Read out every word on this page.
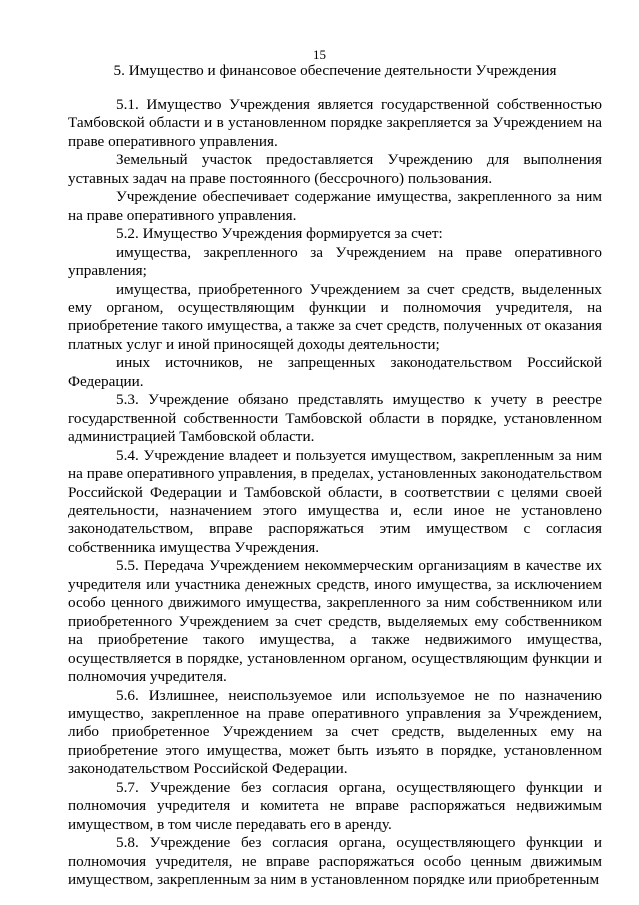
15
5. Имущество и финансовое обеспечение деятельности Учреждения

5.1. Имущество Учреждения является государственной собственностью Тамбовской области и в установленном порядке закрепляется за Учреждением на праве оперативного управления.

Земельный участок предоставляется Учреждению для выполнения уставных задач на праве постоянного (бессрочного) пользования.

Учреждение обеспечивает содержание имущества, закрепленного за ним на праве оперативного управления.

5.2. Имущество Учреждения формируется за счет:

имущества, закрепленного за Учреждением на праве оперативного управления;

имущества, приобретенного Учреждением за счет средств, выделенных ему органом, осуществляющим функции и полномочия учредителя, на приобретение такого имущества, а также за счет средств, полученных от оказания платных услуг и иной приносящей доходы деятельности;

иных источников, не запрещенных законодательством Российской Федерации.

5.3. Учреждение обязано представлять имущество к учету в реестре государственной собственности Тамбовской области в порядке, установленном администрацией Тамбовской области.

5.4. Учреждение владеет и пользуется имуществом, закрепленным за ним на праве оперативного управления, в пределах, установленных законодательством Российской Федерации и Тамбовской области, в соответствии с целями своей деятельности, назначением этого имущества и, если иное не установлено законодательством, вправе распоряжаться этим имуществом с согласия собственника имущества Учреждения.

5.5. Передача Учреждением некоммерческим организациям в качестве их учредителя или участника денежных средств, иного имущества, за исключением особо ценного движимого имущества, закрепленного за ним собственником или приобретенного Учреждением за счет средств, выделяемых ему собственником на приобретение такого имущества, а также недвижимого имущества, осуществляется в порядке, установленном органом, осуществляющим функции и полномочия учредителя.

5.6. Излишнее, неиспользуемое или используемое не по назначению имущество, закрепленное на праве оперативного управления за Учреждением, либо приобретенное Учреждением за счет средств, выделенных ему на приобретение этого имущества, может быть изъято в порядке, установленном законодательством Российской Федерации.

5.7. Учреждение без согласия органа, осуществляющего функции и полномочия учредителя и комитета не вправе распоряжаться недвижимым имуществом, в том числе передавать его в аренду.

5.8. Учреждение без согласия органа, осуществляющего функции и полномочия учредителя, не вправе распоряжаться особо ценным движимым имуществом, закрепленным за ним в установленном порядке или приобретенным
